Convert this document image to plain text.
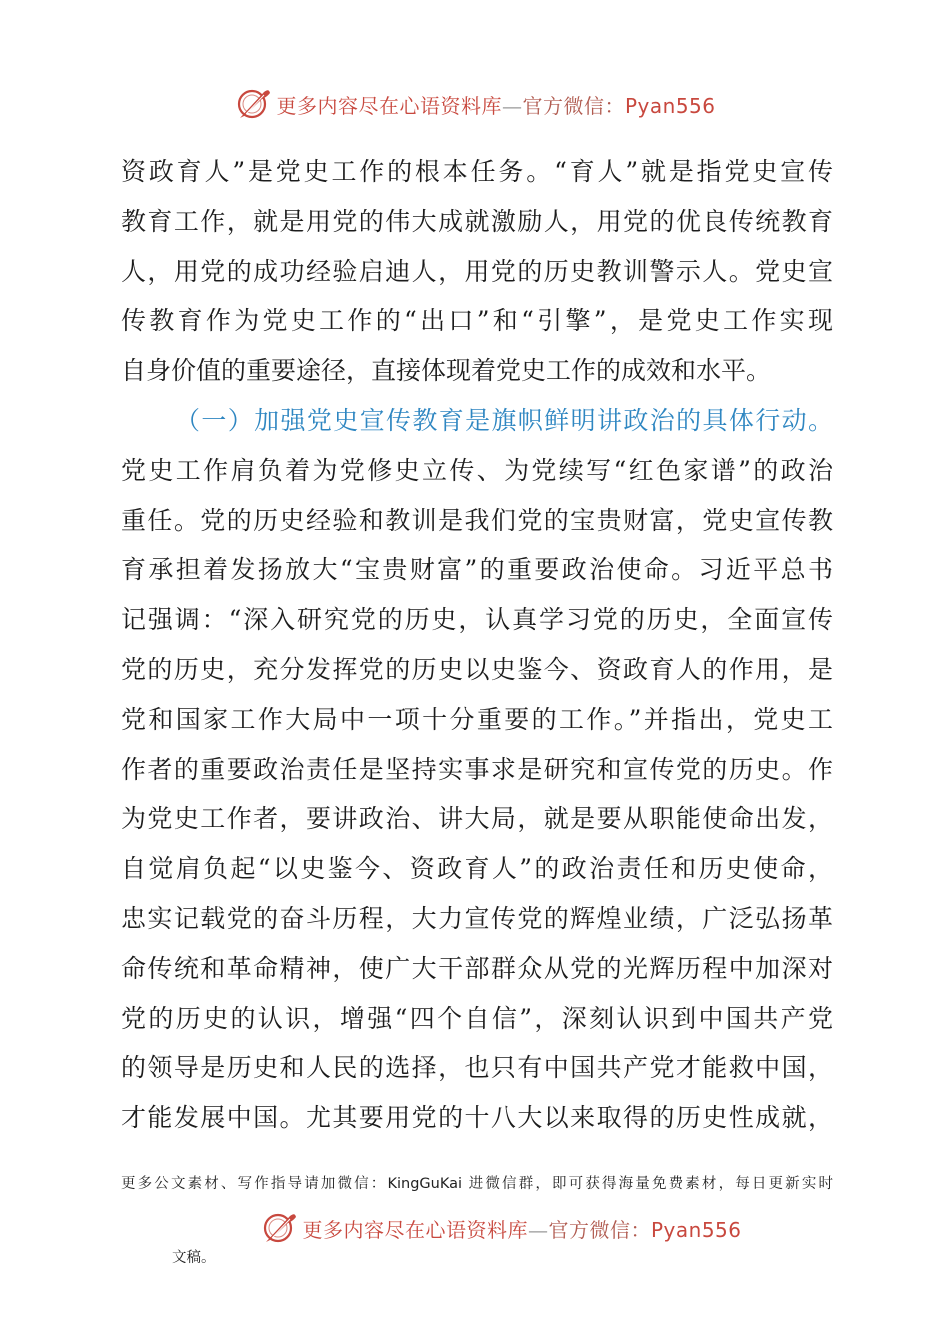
更多内容尽在心语资料库—官方微信：Pyan556
资政育人”是党史工作的根本任务。“育人”就是指党史宣传
教育工作，就是用党的伟大成就激励人，用党的优良传统教育
人，用党的成功经验启迪人，用党的历史教训警示人。党史宣
传教育作为党史工作的“出口”和“引擎”，是党史工作实现
自身价值的重要途径，直接体现着党史工作的成效和水平。
（一）加强党史宣传教育是旗帜鲜明讲政治的具体行动。
党史工作肩负着为党修史立传、为党续写“红色家谱”的政治
重任。党的历史经验和教训是我们党的宝贵财富，党史宣传教
育承担着发扬放大“宝贵财富”的重要政治使命。习近平总书
记强调：“深入研究党的历史，认真学习党的历史，全面宣传
党的历史，充分发挥党的历史以史鉴今、资政育人的作用，是
党和国家工作大局中一项十分重要的工作。”并指出，党史工
作者的重要政治责任是坚持实事求是研究和宣传党的历史。作
为党史工作者，要讲政治、讲大局，就是要从职能使命出发，
自觉肩负起“以史鉴今、资政育人”的政治责任和历史使命，
忠实记载党的奋斗历程，大力宣传党的辉煌业绩，广泛弘扬革
命传统和革命精神，使广大干部群众从党的光辉历程中加深对
党的历史的认识，增强“四个自信”，深刻认识到中国共产党
的领导是历史和人民的选择，也只有中国共产党才能救中国，
才能发展中国。尤其要用党的十八大以来取得的历史性成就，
更多公文素材、写作指导请加微信：KingGuKai 进微信群，即可获得海量免费素材，每日更新实时
更多内容尽在心语资料库—官方微信：Pyan556
文稿。
